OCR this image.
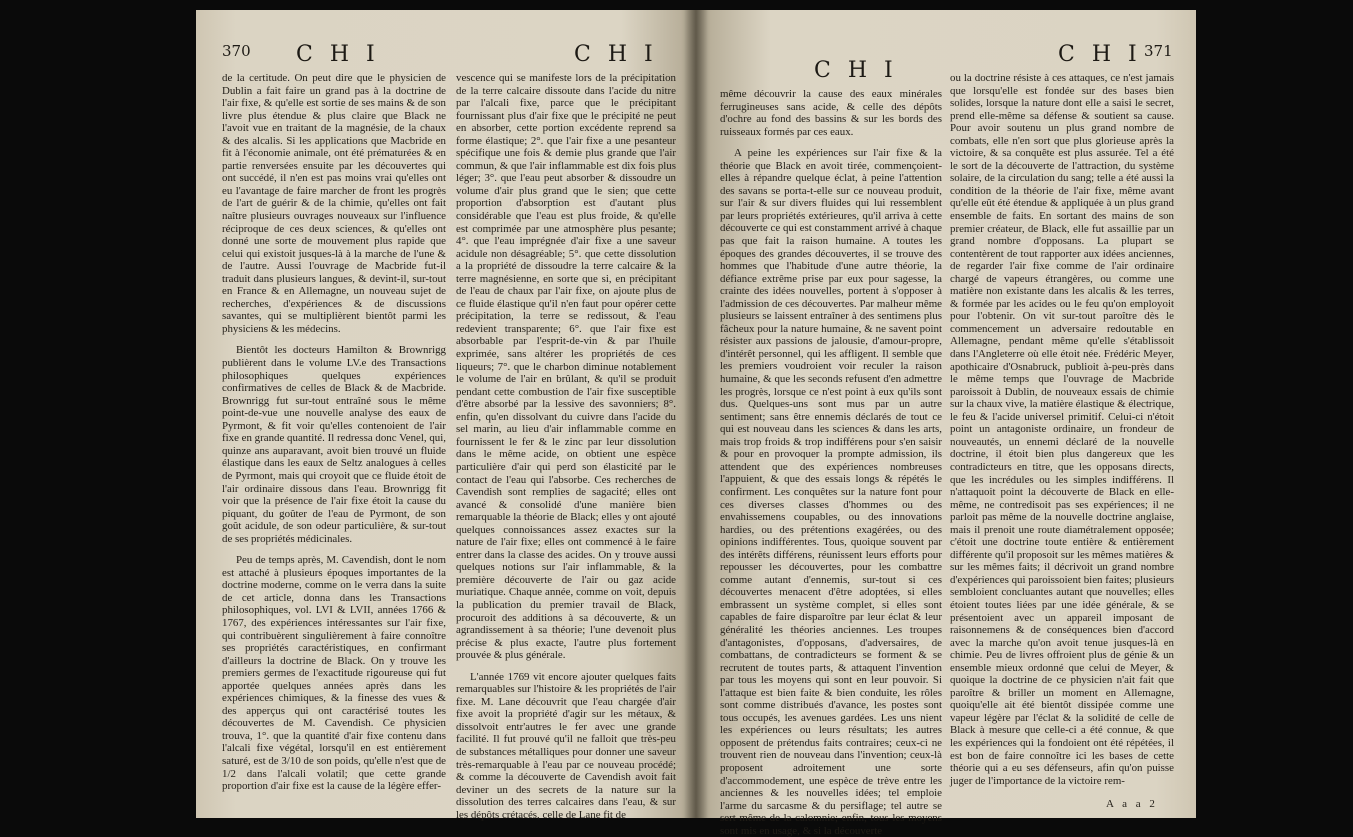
370 C H I	C H I

de la certitude. On peut dire que le physicien de Dublin a fait faire un grand pas à la doctrine de l'air fixe, & qu'elle est sortie de ses mains & de son livre plus étendue & plus claire que Black ne l'avoit vue en traitant de la magnésie, de la chaux & des alcalis. Si les applications que Macbride en fit à l'économie animale, ont été prématurées & en partie renversées ensuite par les découvertes qui ont succédé, il n'en est pas moins vrai qu'elles ont eu l'avantage de faire marcher de front les progrès de l'art de guérir & de la chimie, qu'elles ont fait naître plusieurs ouvrages nouveaux sur l'influence réciproque de ces deux sciences, & qu'elles ont donné une sorte de mouvement plus rapide que celui qui existoit jusques-là à la marche de l'une & de l'autre. Aussi l'ouvrage de Macbride fut-il traduit dans plusieurs langues, & devint-il, sur-tout en France & en Allemagne, un nouveau sujet de recherches, d'expériences & de discussions savantes, qui se multiplièrent bientôt parmi les physiciens & les médecins.

Bientôt les docteurs Hamilton & Brownrigg publièrent dans le volume LV.e des Transactions philosophiques quelques expériences confirmatives de celles de Black & de Macbride. Brownrigg fut sur-tout entraîné sous le même point-de-vue une nouvelle analyse des eaux de Pyrmont, & fit voir qu'elles contenoient de l'air fixe en grande quantité. Il redressa donc Venel, qui, quinze ans auparavant, avoit bien trouvé un fluide élastique dans les eaux de Seltz analogues à celles de Pyrmont, mais qui croyoit que ce fluide étoit de l'air ordinaire dissous dans l'eau. Brownrigg fit voir que la présence de l'air fixe étoit la cause du piquant, du goûter de l'eau de Pyrmont, de son goût acidule, de son odeur particulière, & sur-tout de ses propriétés médicinales.

Peu de temps après, M. Cavendish, dont le nom est attaché à plusieurs époques importantes de la doctrine moderne, comme on le verra dans la suite de cet article, donna dans les Transactions philosophiques, vol. LVI & LVII, années 1766 & 1767, des expériences intéressantes sur l'air fixe, qui contribuèrent singulièrement à faire connoître ses propriétés caractéristiques, en confirmant d'ailleurs la doctrine de Black. On y trouve les premiers germes de l'exactitude rigoureuse qui fut apportée quelques années après dans les expériences chimiques, & la finesse des vues & des apperçus qui ont caractérisé toutes les découvertes de M. Cavendish. Ce physicien trouva, 1°. que la quantité d'air fixe contenu dans l'alcali fixe végétal, lorsqu'il en est entièrement saturé, est de 3/10 de son poids, qu'elle n'est que de 1/2 dans l'alcali volatil; que cette grande proportion d'air fixe est la cause de la légère effer-

vescence qui se manifeste lors de la précipitation de la terre calcaire dissoute dans l'acide du nitre par l'alcali fixe, parce que le précipitant fournissant plus d'air fixe que le précipité ne peut en absorber, cette portion excédente reprend sa forme élastique; 2°. que l'air fixe a une pesanteur spécifique une fois & demie plus grande que l'air commun, & que l'air inflammable est dix fois plus léger; 3°. que l'eau peut absorber & dissoudre un volume d'air plus grand que le sien; que cette proportion d'absorption est d'autant plus considérable que l'eau est plus froide, & qu'elle est comprimée par une atmosphère plus pesante; 4°. que l'eau imprégnée d'air fixe a une saveur acidule non désagréable; 5°. que cette dissolution a la propriété de dissoudre la terre calcaire & la terre magnésienne, en sorte que si, en précipitant de l'eau de chaux par l'air fixe, on ajoute plus de ce fluide élastique qu'il n'en faut pour opérer cette précipitation, la terre se redissout, & l'eau redevient transparente; 6°. que l'air fixe est absorbable par l'esprit-de-vin & par l'huile exprimée, sans altérer les propriétés de ces liqueurs; 7°. que le charbon diminue notablement le volume de l'air en brûlant, & qu'il se produit pendant cette combustion de l'air fixe susceptible d'être absorbé par la lessive des savonniers; 8°. enfin, qu'en dissolvant du cuivre dans l'acide du sel marin, au lieu d'air inflammable comme en fournissent le fer & le zinc par leur dissolution dans le même acide, on obtient une espèce particulière d'air qui perd son élasticité par le contact de l'eau qui l'absorbe. Ces recherches de Cavendish sont remplies de sagacité; elles ont avancé & consolidé d'une manière bien remarquable la théorie de Black; elles y ont ajouté quelques connoissances assez exactes sur la nature de l'air fixe; elles ont commencé à le faire entrer dans la classe des acides. On y trouve aussi quelques notions sur l'air inflammable, & la première découverte de l'air ou gaz acide muriatique. Chaque année, comme on voit, depuis la publication du premier travail de Black, procuroit des additions à sa découverte, & un agrandissement à sa théorie; l'une devenoit plus précise & plus exacte, l'autre plus fortement prouvée & plus générale.

L'année 1769 vit encore ajouter quelques faits remarquables sur l'histoire & les propriétés de l'air fixe. M. Lane découvrit que l'eau chargée d'air fixe avoit la propriété d'agir sur les métaux, & dissolvoit entr'autres le fer avec une grande facilité. Il fut prouvé qu'il ne falloit que très-peu de substances métalliques pour donner une saveur très-remarquable à l'eau par ce nouveau procédé; & comme la découverte de Cavendish avoit fait deviner un des secrets de la nature sur la dissolution des terres calcaires dans l'eau, & sur les dépôts crétacés, celle de Lane fit de

C H I
C H I 371

même découvrir la cause des eaux minérales ferrugineuses sans acide, & celle des dépôts d'ochre au fond des bassins & sur les bords des ruisseaux formés par ces eaux.

A peine les expériences sur l'air fixe & la théorie que Black en avoit tirée, commençoient-elles à répandre quelque éclat, à peine l'attention des savans se porta-t-elle sur ce nouveau produit, sur l'air & sur divers fluides qui lui ressemblent par leurs propriétés extérieures, qu'il arriva à cette découverte ce qui est constamment arrivé à chaque pas que fait la raison humaine. A toutes les époques des grandes découvertes, il se trouve des hommes que l'habitude d'une autre théorie, la défiance extrême prise par eux pour sagesse, la crainte des idées nouvelles, portent à s'opposer à l'admission de ces découvertes. Par malheur même plusieurs se laissent entraîner à des sentimens plus fâcheux pour la nature humaine, & ne savent point résister aux passions de jalousie, d'amour-propre, d'intérêt personnel, qui les affligent. Il semble que les premiers voudroient voir reculer la raison humaine, & que les seconds refusent d'en admettre les progrès, lorsque ce n'est point à eux qu'ils sont dus. Quelques-uns sont mus par un autre sentiment; sans être ennemis déclarés de tout ce qui est nouveau dans les sciences & dans les arts, mais trop froids & trop indifférens pour s'en saisir & pour en provoquer la prompte admission, ils attendent que des expériences nombreuses l'appuient, & que des essais longs & répétés le confirment. Les conquêtes sur la nature font pour ces diverses classes d'hommes ou des envahissemens coupables, ou des innovations hardies, ou des prétentions exagérées, ou des opinions indifférentes. Tous, quoique souvent par des intérêts différens, réunissent leurs efforts pour repousser les découvertes, pour les combattre comme autant d'ennemis, sur-tout si ces découvertes menacent d'être adoptées, si elles embrassent un système complet, si elles sont capables de faire disparoître par leur éclat & leur généralité les théories anciennes. Les troupes d'antagonistes, d'opposans, d'adversaires, de combattans, de contradicteurs se forment & se recrutent de toutes parts, & attaquent l'invention par tous les moyens qui sont en leur pouvoir. Si l'attaque est bien faite & bien conduite, les rôles sont comme distribués d'avance, les postes sont tous occupés, les avenues gardées. Les uns nient les expériences ou leurs résultats; les autres opposent de prétendus faits contraires; ceux-ci ne trouvent rien de nouveau dans l'invention; ceux-là proposent adroitement une sorte d'accommodement, une espèce de trève entre les anciennes & les nouvelles idées; tel emploie l'arme du sarcasme & du persiflage; tel autre se sert même de la calomnie; enfin, tous les moyens sont mis en usage, & si la découverte

ou la doctrine résiste à ces attaques, ce n'est jamais que lorsqu'elle est fondée sur des bases bien solides, lorsque la nature dont elle a saisi le secret, prend elle-même sa défense & soutient sa cause. Pour avoir soutenu un plus grand nombre de combats, elle n'en sort que plus glorieuse après la victoire, & sa conquête est plus assurée. Tel a été le sort de la découverte de l'attraction, du système solaire, de la circulation du sang; telle a été aussi la condition de la théorie de l'air fixe, même avant qu'elle eût été étendue & appliquée à un plus grand ensemble de faits. En sortant des mains de son premier créateur, de Black, elle fut assaillie par un grand nombre d'opposans. La plupart se contentèrent de tout rapporter aux idées anciennes, de regarder l'air fixe comme de l'air ordinaire chargé de vapeurs étrangères, ou comme une matière non existante dans les alcalis & les terres, & formée par les acides ou le feu qu'on employoit pour l'obtenir. On vit sur-tout paroître dès le commencement un adversaire redoutable en Allemagne, pendant même qu'elle s'établissoit dans l'Angleterre où elle étoit née. Frédéric Meyer, apothicaire d'Osnabruck, publioit à-peu-près dans le même temps que l'ouvrage de Macbride paroissoit à Dublin, de nouveaux essais de chimie sur la chaux vive, la matière élastique & électrique, le feu & l'acide universel primitif. Celui-ci n'étoit point un antagoniste ordinaire, un frondeur de nouveautés, un ennemi déclaré de la nouvelle doctrine, il étoit bien plus dangereux que les contradicteurs en titre, que les opposans directs, que les incrédules ou les simples indifférens. Il n'attaquoit point la découverte de Black en elle-même, ne contredisoit pas ses expériences; il ne parloit pas même de la nouvelle doctrine anglaise, mais il prenoit une route diamétralement opposée; c'étoit une doctrine toute entière & entièrement différente qu'il proposoit sur les mêmes matières & sur les mêmes faits; il décrivoit un grand nombre d'expériences qui paroissoient bien faites; plusieurs sembloient concluantes autant que nouvelles; elles étoient toutes liées par une idée générale, & se présentoient avec un appareil imposant de raisonnemens & de conséquences bien d'accord avec la marche qu'on avoit tenue jusques-là en chimie. Peu de livres offroient plus de génie & un ensemble mieux ordonné que celui de Meyer, & quoique la doctrine de ce physicien n'ait fait que paroître & briller un moment en Allemagne, quoiqu'elle ait été bientôt dissipée comme une vapeur légère par l'éclat & la solidité de celle de Black à mesure que celle-ci a été connue, & que les expériences qui la fondoient ont été répétées, il est bon de faire connoître ici les bases de cette théorie qui a eu ses défenseurs, afin qu'on puisse juger de l'importance de la victoire rem-

A a a 2
